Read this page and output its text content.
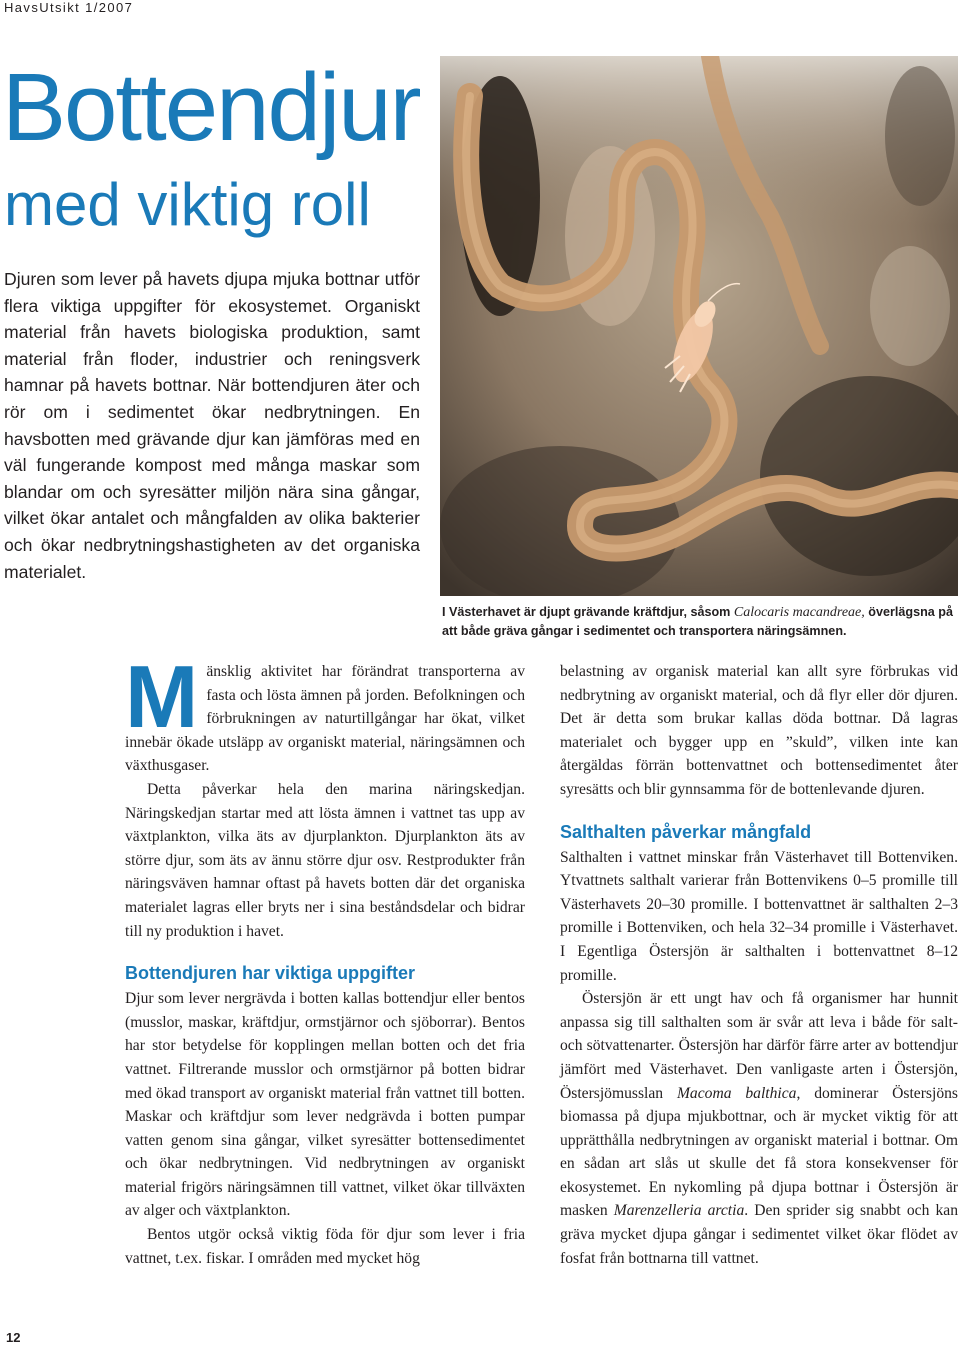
HavsUtsikt 1/2007
Bottendjur
med viktig roll
Djuren som lever på havets djupa mjuka bottnar utför flera viktiga uppgifter för ekosystemet. Organiskt material från havets biologiska produktion, samt material från floder, industrier och reningsverk hamnar på havets bottnar. När bottendjuren äter och rör om i sedimentet ökar nedbrytningen. En havsbotten med grävande djur kan jämföras med en väl fungerande kompost med många maskar som blandar om och syresätter miljön nära sina gångar, vilket ökar antalet och mångfalden av olika bakterier och ökar nedbrytningshastigheten av det organiska materialet.
I Västerhavet är djupt grävande kräftdjur, såsom Calocaris macandreae, överlägsna på att både gräva gångar i sedimentet och transportera näringsämnen.

Mänsklig aktivitet har förändrat transporterna av fasta och lösta ämnen på jorden. Befolkningen och förbrukningen av naturtillgångar har ökat, vilket innebär ökade utsläpp av organiskt material, näringsämnen och växthusgaser.

Detta påverkar hela den marina näringskedjan. Näringskedjan startar med att lösta ämnen i vattnet tas upp av växtplankton, vilka äts av djurplankton. Djurplankton äts av större djur, som äts av ännu större djur osv. Restprodukter från näringsväven hamnar oftast på havets botten där det organiska materialet lagras eller bryts ner i sina beståndsdelar och bidrar till ny produktion i havet.

Bottendjuren har viktiga uppgifter

Djur som lever nergrävda i botten kallas bottendjur eller bentos (musslor, maskar, kräftdjur, ormstjärnor och sjöborrar). Bentos har stor betydelse för kopplingen mellan botten och det fria vattnet. Filtrerande musslor och ormstjärnor på botten bidrar med ökad transport av organiskt material från vattnet till botten. Maskar och kräftdjur som lever nedgrävda i botten pumpar vatten genom sina gångar, vilket syresätter bottensedimentet och ökar nedbrytningen. Vid nedbrytningen av organiskt material frigörs näringsämnen till vattnet, vilket ökar tillväxten av alger och växtplankton.

Bentos utgör också viktig föda för djur som lever i fria vattnet, t.ex. fiskar. I områden med mycket hög

belastning av organisk material kan allt syre förbrukas vid nedbrytning av organiskt material, och då flyr eller dör djuren. Det är detta som brukar kallas döda bottnar. Då lagras materialet och bygger upp en ”skuld”, vilken inte kan återgäldas förrän bottenvattnet och bottensedimentet åter syresätts och blir gynnsamma för de bottenlevande djuren.

Salthalten påverkar mångfald

Salthalten i vattnet minskar från Västerhavet till Bottenviken. Ytvattnets salthalt varierar från Bottenvikens 0–5 promille till Västerhavets 20–30 promille. I bottenvattnet är salthalten 2–3 promille i Bottenviken, och hela 32–34 promille i Västerhavet. I Egentliga Östersjön är salthalten i bottenvattnet 8–12 promille.

Östersjön är ett ungt hav och få organismer har hunnit anpassa sig till salthalten som är svår att leva i både för salt- och sötvattenarter. Östersjön har därför färre arter av bottendjur jämfört med Västerhavet. Den vanligaste arten i Östersjön, Östersjömusslan Macoma balthica, dominerar Östersjöns biomassa på djupa mjukbottnar, och är mycket viktig för att upprätthålla nedbrytningen av organiskt material i bottnar. Om en sådan art slås ut skulle det få stora konsekvenser för ekosystemet. En nykomling på djupa bottnar i Östersjön är masken Marenzelleria arctia. Den sprider sig snabbt och kan gräva mycket djupa gångar i sedimentet vilket ökar flödet av fosfat från bottnarna till vattnet.

12
